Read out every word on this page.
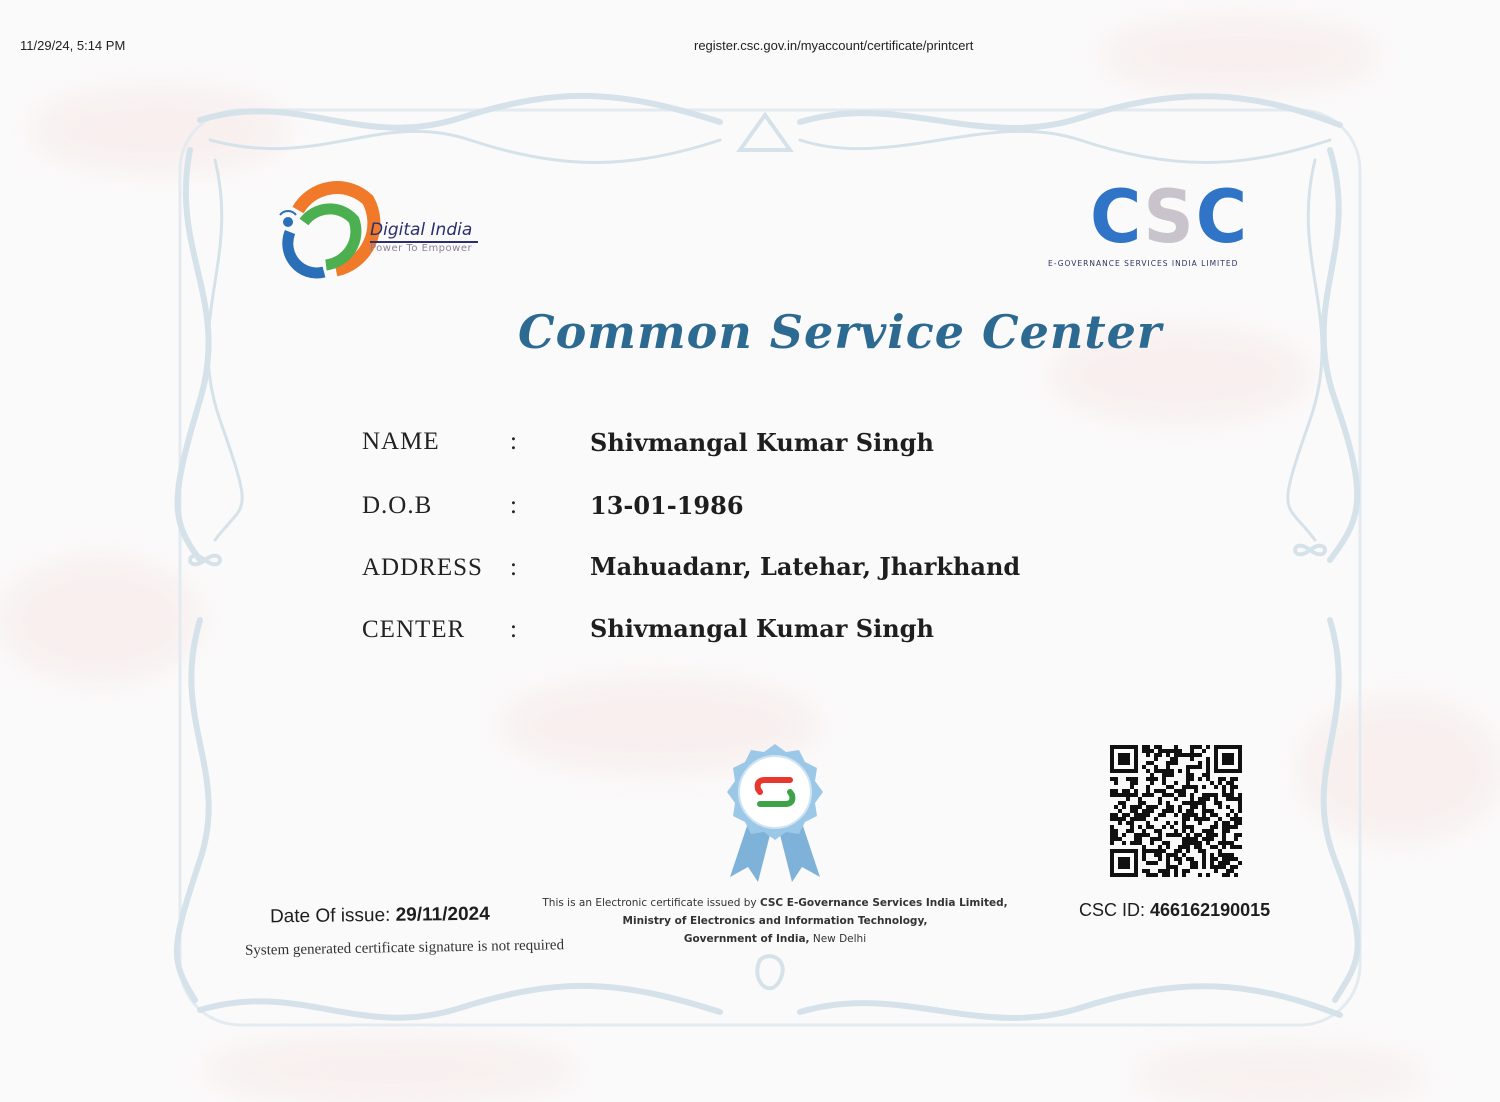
11/29/24, 5:14 PM	register.csc.gov.in/myaccount/certificate/printcert
Digital India
Power To Empower	C S C
E-GOVERNANCE SERVICES INDIA LIMITED
Common Service Center
NAME	:	Shivmangal Kumar Singh
D.O.B	:	13-01-1986
ADDRESS :	Mahuadanr, Latehar, Jharkhand
CENTER :	Shivmangal Kumar Singh
Date Of issue: 29/11/2024
System generated certificate signature is not required
This is an Electronic certificate issued by CSC E-Governance Services India Limited,
Ministry of Electronics and Information Technology,
Government of India, New Delhi
CSC ID: 466162190015
